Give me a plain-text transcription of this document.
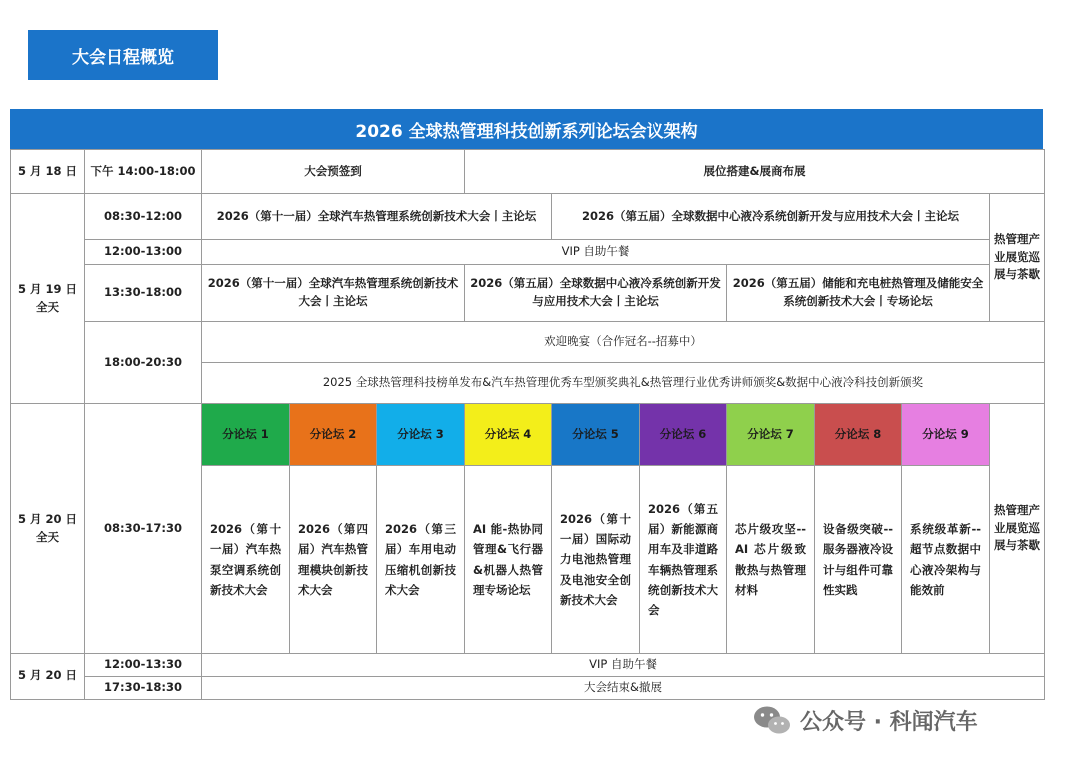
大会日程概览
2026 全球热管理科技创新系列论坛会议架构
5 月 18 日	下午 14:00-18:00	大会预签到			展位搭建&展商布展						
5 月 19 日
全天	08:30-12:00	2026（第十一届）全球汽车热管理系统创新技术大会丨主论坛				2026（第五届）全球数据中心液冷系统创新开发与应用技术大会丨主论坛					热管理产业展览巡展与茶歇
	12:00-13:00	VIP 自助午餐									
	13:30-18:00	2026（第十一届）全球汽车热管理系统创新技术大会丨主论坛			2026（第五届）全球数据中心液冷系统创新开发与应用技术大会丨主论坛			2026（第五届）储能和充电桩热管理及储能安全系统创新技术大会丨专场论坛			
	18:00-20:30	欢迎晚宴（合作冠名--招募中）									
		2025 全球热管理科技榜单发布&汽车热管理优秀车型颁奖典礼&热管理行业优秀讲师颁奖&数据中心液冷科技创新颁奖									
5 月 20 日
全天	08:30-17:30	分论坛 1	分论坛 2	分论坛 3	分论坛 4	分论坛 5	分论坛 6	分论坛 7	分论坛 8	分论坛 9	热管理产业展览巡展与茶歇
		2026（第十一届）汽车热泵空调系统创新技术大会	2026（第四届）汽车热管理模块创新技术大会	2026（第三届）车用电动压缩机创新技术大会	AI 能-热协同管理&飞行器&机器人热管理专场论坛	2026（第十一届）国际动力电池热管理及电池安全创新技术大会	2026（第五届）新能源商用车及非道路车辆热管理系统创新技术大会	芯片级攻坚--AI 芯片级致散热与热管理材料	设备级突破--服务器液冷设计与组件可靠性实践	系统级革新--超节点数据中心液冷架构与能效前	
5 月 20 日	12:00-13:30	VIP 自助午餐									
	17:30-18:30	大会结束&撤展									
公众号 · 科闻汽车
